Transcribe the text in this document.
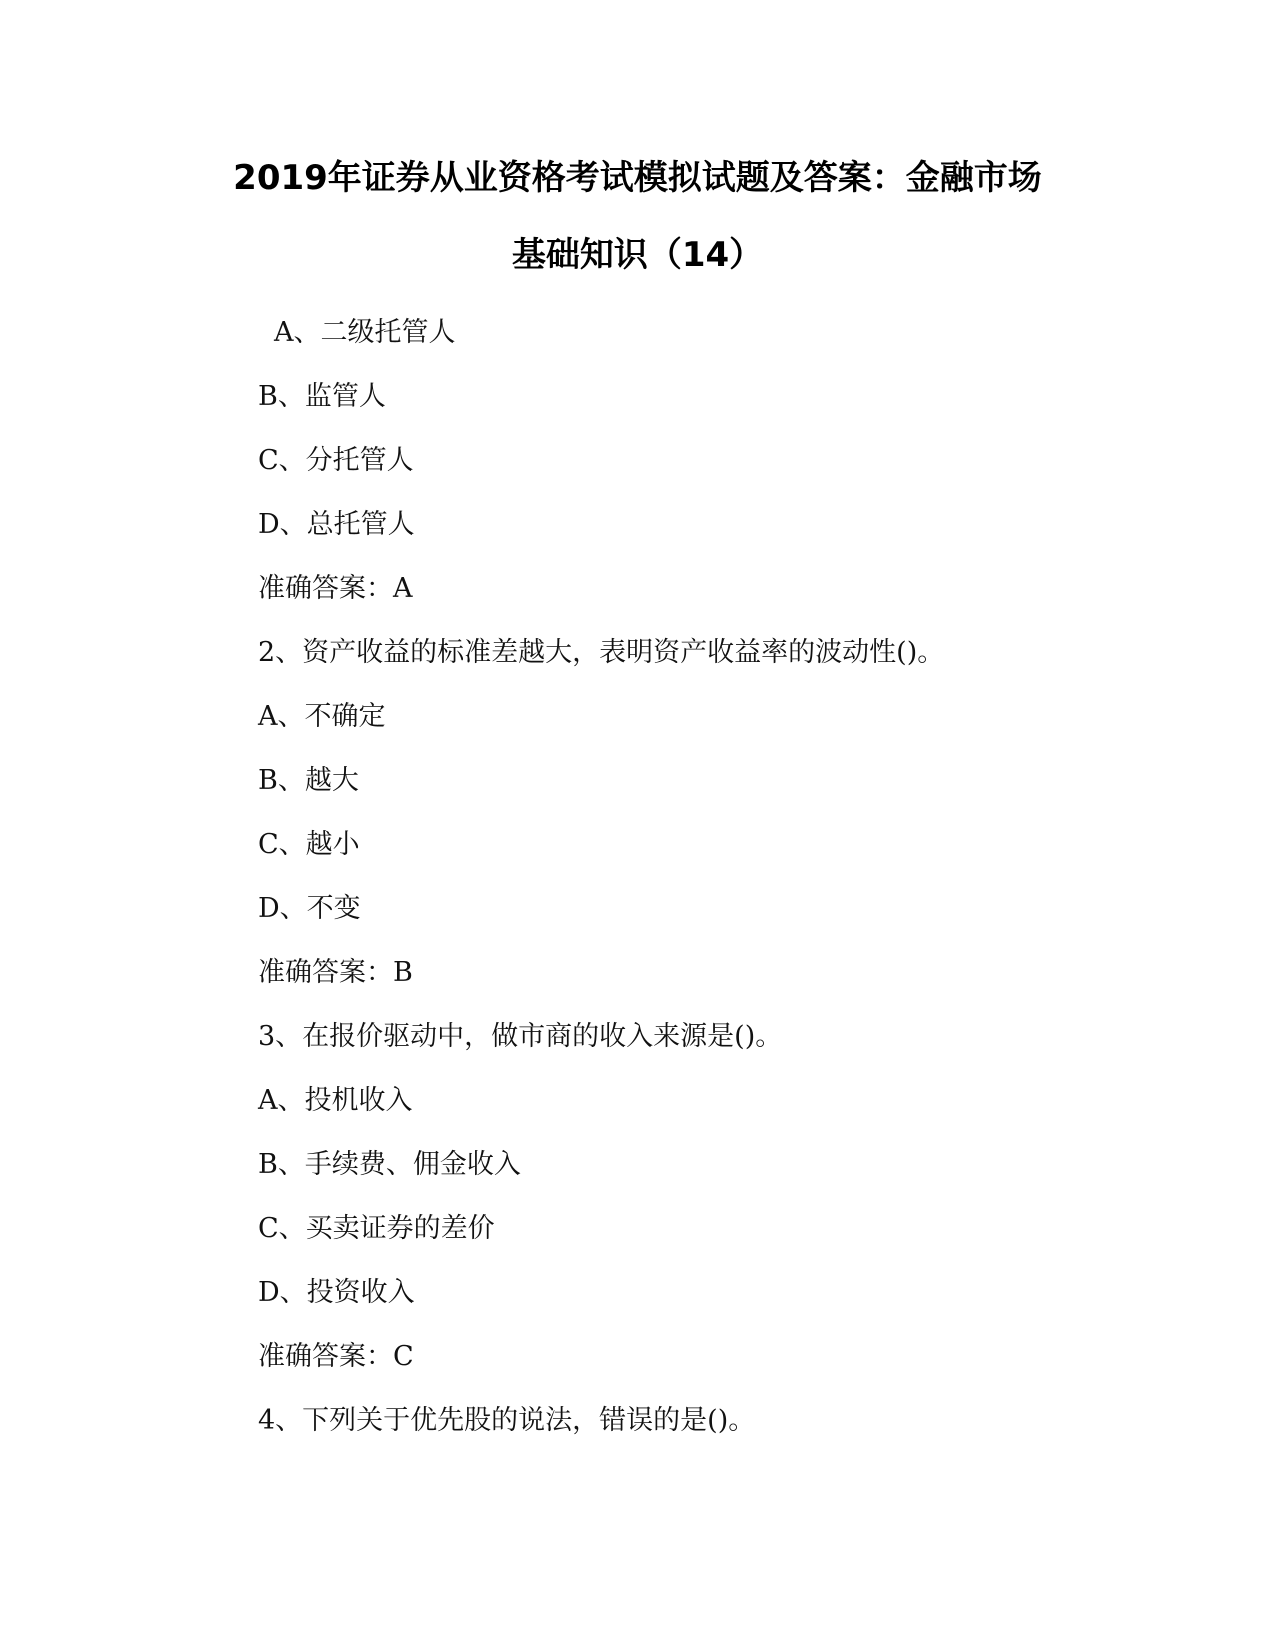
2019年证券从业资格考试模拟试题及答案：金融市场
基础知识（14）
A、二级托管人
B、监管人
C、分托管人
D、总托管人
准确答案：A
2、资产收益的标准差越大，表明资产收益率的波动性()。
A、不确定
B、越大
C、越小
D、不变
准确答案：B
3、在报价驱动中，做市商的收入来源是()。
A、投机收入
B、手续费、佣金收入
C、买卖证券的差价
D、投资收入
准确答案：C
4、下列关于优先股的说法，错误的是()。
